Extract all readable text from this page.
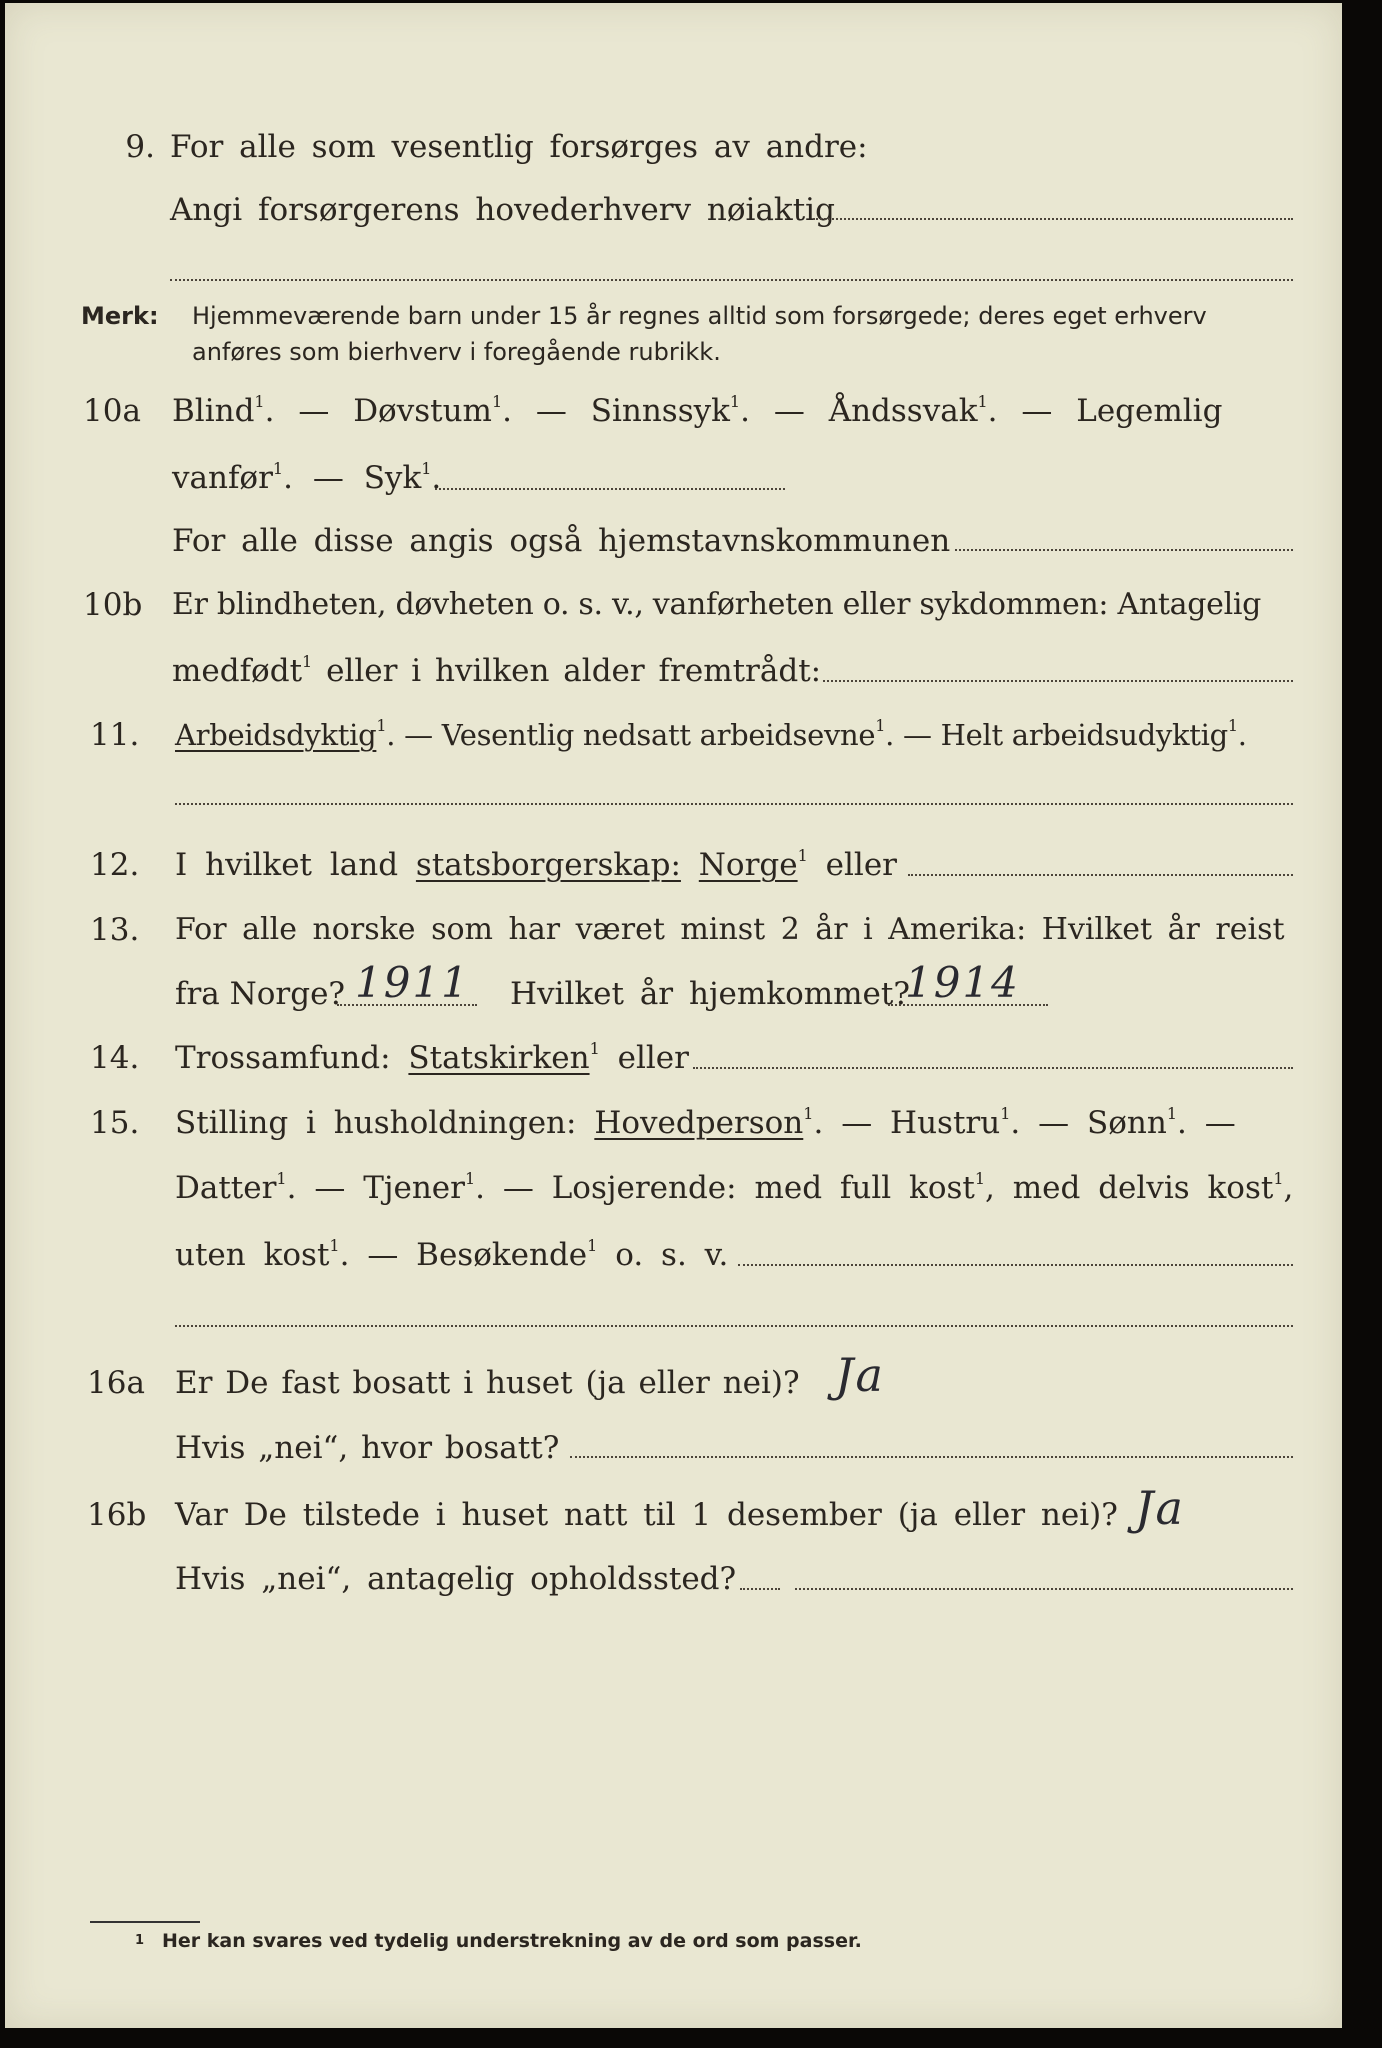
9. For alle som vesentlig forsørges av andre:
Angi forsørgerens hovederhverv nøiaktig
Merk: Hjemmeværende barn under 15 år regnes alltid som forsørgede; deres eget erhverv
anføres som bierhverv i foregående rubrikk.
10a Blind$^1$. — Døvstum$^1$. — Sinnssyk$^1$. — Åndssvak$^1$. — Legemlig
vanfør$^1$. — Syk$^1$.
For alle disse angis også hjemstavnskommunen
10b Er blindheten, døvheten o. s. v., vanførheten eller sykdommen: Antagelig
medfødt$^1$ eller i hvilken alder fremtrådt:
11. Arbeidsdyktig$^1$. — Vesentlig nedsatt arbeidsevne$^1$. — Helt arbeidsudyktig$^1$.
12. I hvilket land statsborgerskap: Norge$^1$ eller
13. For alle norske som har været minst 2 år i Amerika: Hvilket år reist
fra Norge?	Hvilket år hjemkommet?
1911	1914
14. Trossamfund: Statskirken$^1$ eller
15. Stilling i husholdningen: Hovedperson$^1$. — Hustru$^1$. — Sønn$^1$. —
Datter$^1$. — Tjener$^1$. — Losjerende: med full kost$^1$, med delvis kost$^1$,
uten kost$^1$. — Besøkende$^1$ o. s. v.
16a Er De fast bosatt i huset (ja eller nei)? Ja
Hvis „nei“, hvor bosatt?
16b Var De tilstede i huset natt til 1 desember (ja eller nei)? Ja
Hvis „nei“, antagelig opholdssted?
1 Her kan svares ved tydelig understrekning av de ord som passer.
